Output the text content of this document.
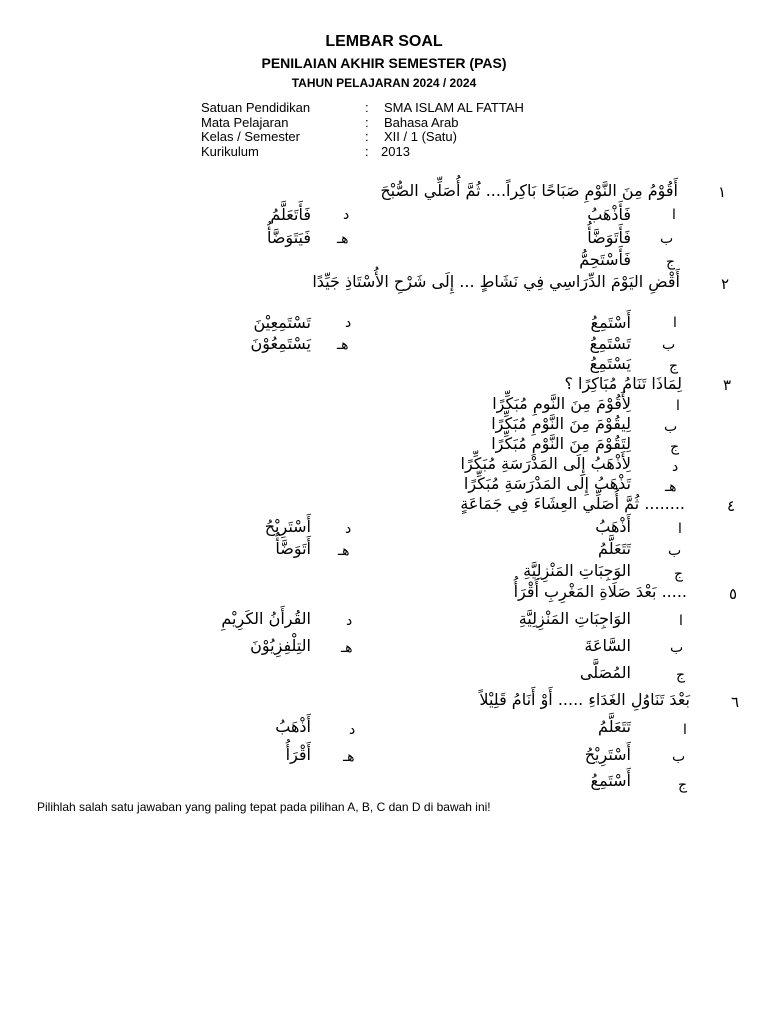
LEMBAR SOAL
PENILAIAN AKHIR SEMESTER (PAS)
TAHUN PELAJARAN 2024 / 2024
Satuan Pendidikan	: SMA ISLAM AL FATTAH
Mata Pelajaran	: Bahasa Arab
Kelas / Semester	: XII / 1 (Satu)
Kurikulum	: 2013
١
أَقُوْمُ مِنَ النَّوْمِ صَبَاحًا بَاكِراً.... ثُمَّ أُصَلِّي الصُّبْحَ
ا
فَأَذْهَبُ
ب
فَأَتَوَضَّأُ
ج
فَأَسْتَحِمُّ
د
فَأَتَعَلَّمُ
هـ
فَيَتَوَضَّأُ
٢
أَقْضِ اليَوْمَ الدِّرَاسِي فِي نَشَاطٍ ... إِلَى شَرْحِ الأُسْتَاذِ جَيِّدًا
ا
أَسْتَمِعُ
ب
تَسْتَمِعُ
ج
يَسْتَمِعُ
د
تَسْتَمِعِيْنَ
هـ
يَسْتَمِعُوْنَ
٣
لِمَاذَا تَنَامُ مُبَاكِرًا ؟
ا
لِأَقُوْمَ مِنَ النَّومِ مُبَكِّرًا
ب
لِيقُوْمَ مِنَ النَّوْمِ مُبَكِّرًا
ج
لِتَقُوْمَ مِنَ النَّوْمِ مُبَكِّرًا
د
لِأَذْهَبُ إِلَى المَدْرَسَةِ مُبَكِّرًا
هـ
تَذْهَبُ إِلَى المَدْرَسَةِ مُبَكِّرًا
٤
........ ثُمَّ أُصَلِّي العِشَاءَ فِي جَمَاعَةٍ
ا
أَذْهَبُ
ب
تَتَعَلَّمُ
ج
الوَجِبَاتِ المَنْزِلِيَّةِ
د
أَسْتَرِيْحُ
هـ
أَتَوَضَّأُ
٥
..... بَعْدَ صَلَاةِ المَغْرِبِ أَقْرَأُ
ا
الوَاجِبَاتِ المَنْزِلِيَّةِ
ب
السَّاعَةَ
ج
المُصَلَّى
د
القُرأَنُ الكَرِيْمِ
هـ
التِلْفِزِيُوْنَ
٦
بَعْدَ تَنَاوُلِ الغَدَاءِ ..... أَوْ أَنَامُ قَلِيْلاً
ا
تَتَعَلَّمُ
ب
أَسْتَرِيْحُ
ج
أَسْتَمِعُ
د
أَذْهَبُ
هـ
أَقْرَأُ
Pilihlah salah satu jawaban yang paling tepat pada pilihan A, B, C dan D di bawah ini!
